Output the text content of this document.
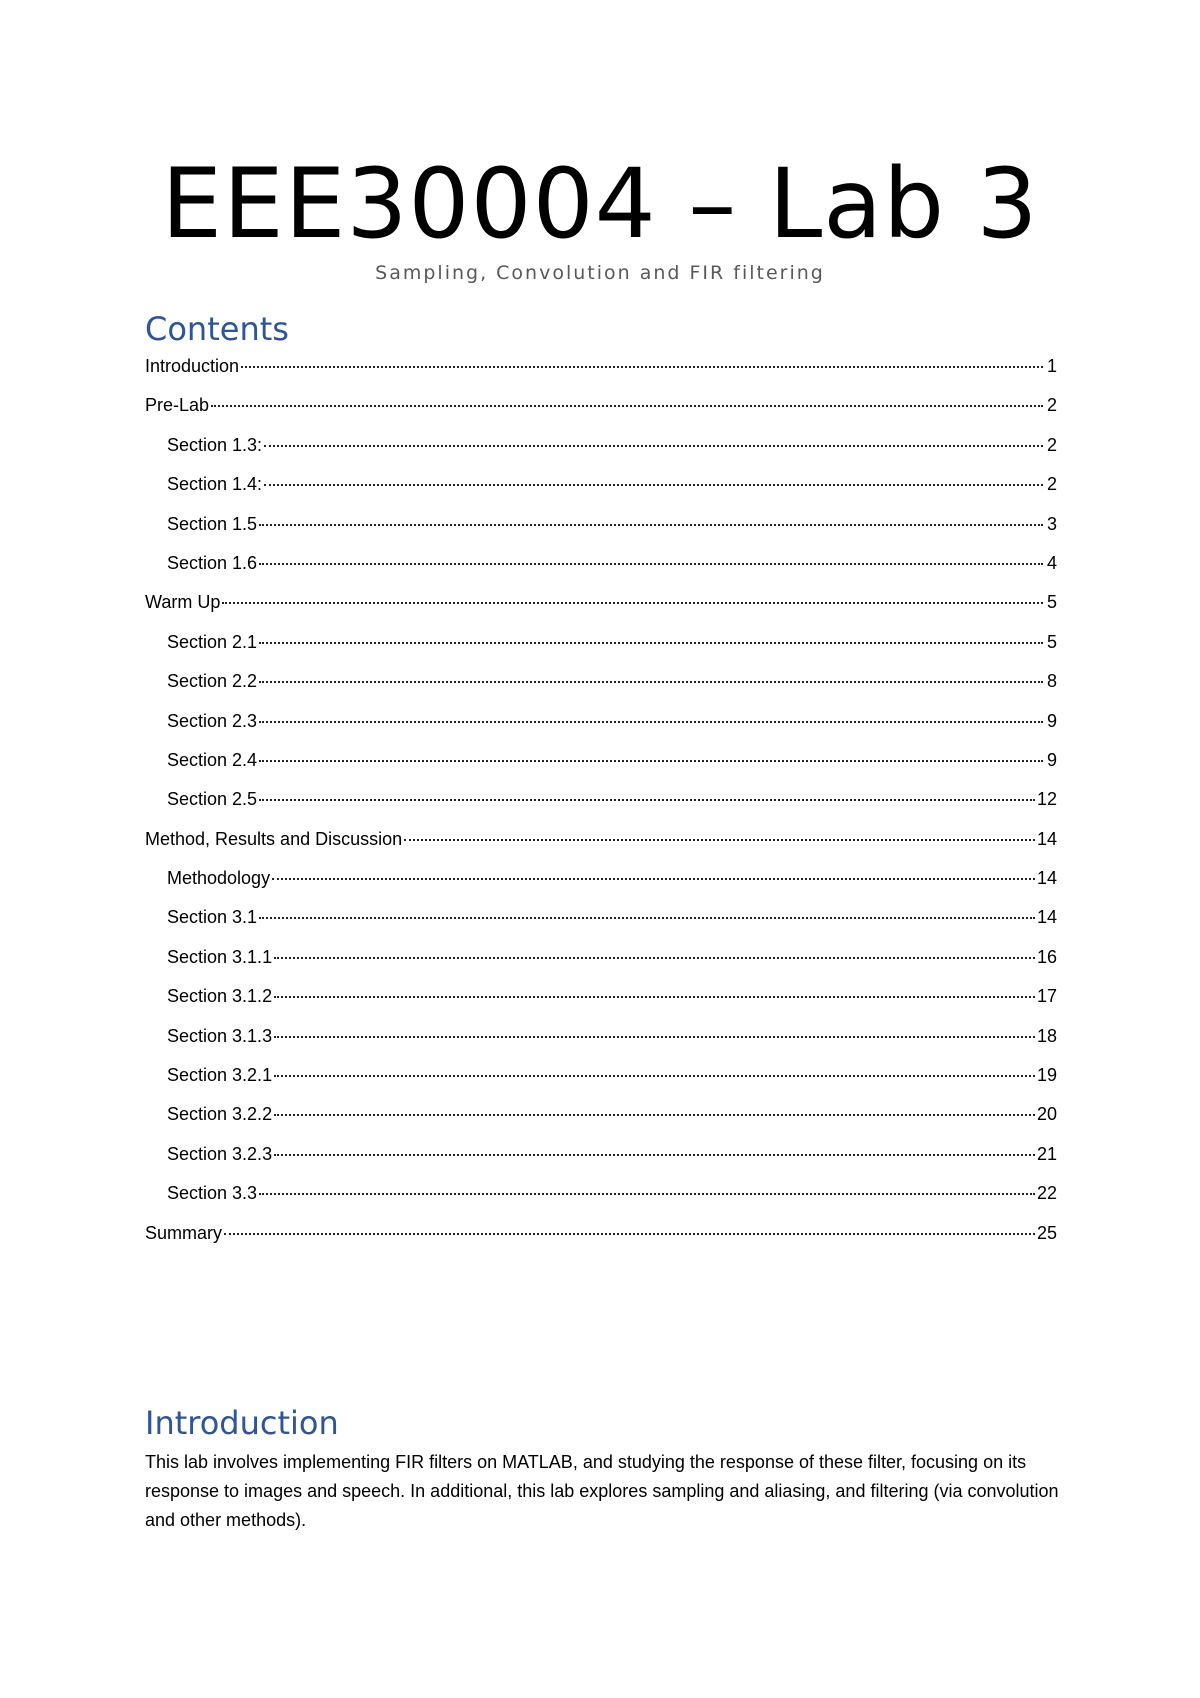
EEE30004 – Lab 3
Sampling, Convolution and FIR filtering
Contents
Introduction	1
Pre-Lab	2
Section 1.3:	2
Section 1.4:	2
Section 1.5	3
Section 1.6	4
Warm Up	5
Section 2.1	5
Section 2.2	8
Section 2.3	9
Section 2.4	9
Section 2.5	12
Method, Results and Discussion	14
Methodology	14
Section 3.1	14
Section 3.1.1	16
Section 3.1.2	17
Section 3.1.3	18
Section 3.2.1	19
Section 3.2.2	20
Section 3.2.3	21
Section 3.3	22
Summary	25
Introduction

This lab involves implementing FIR filters on MATLAB, and studying the response of these filter, focusing on its response to images and speech. In additional, this lab explores sampling and aliasing, and filtering (via convolution and other methods).
